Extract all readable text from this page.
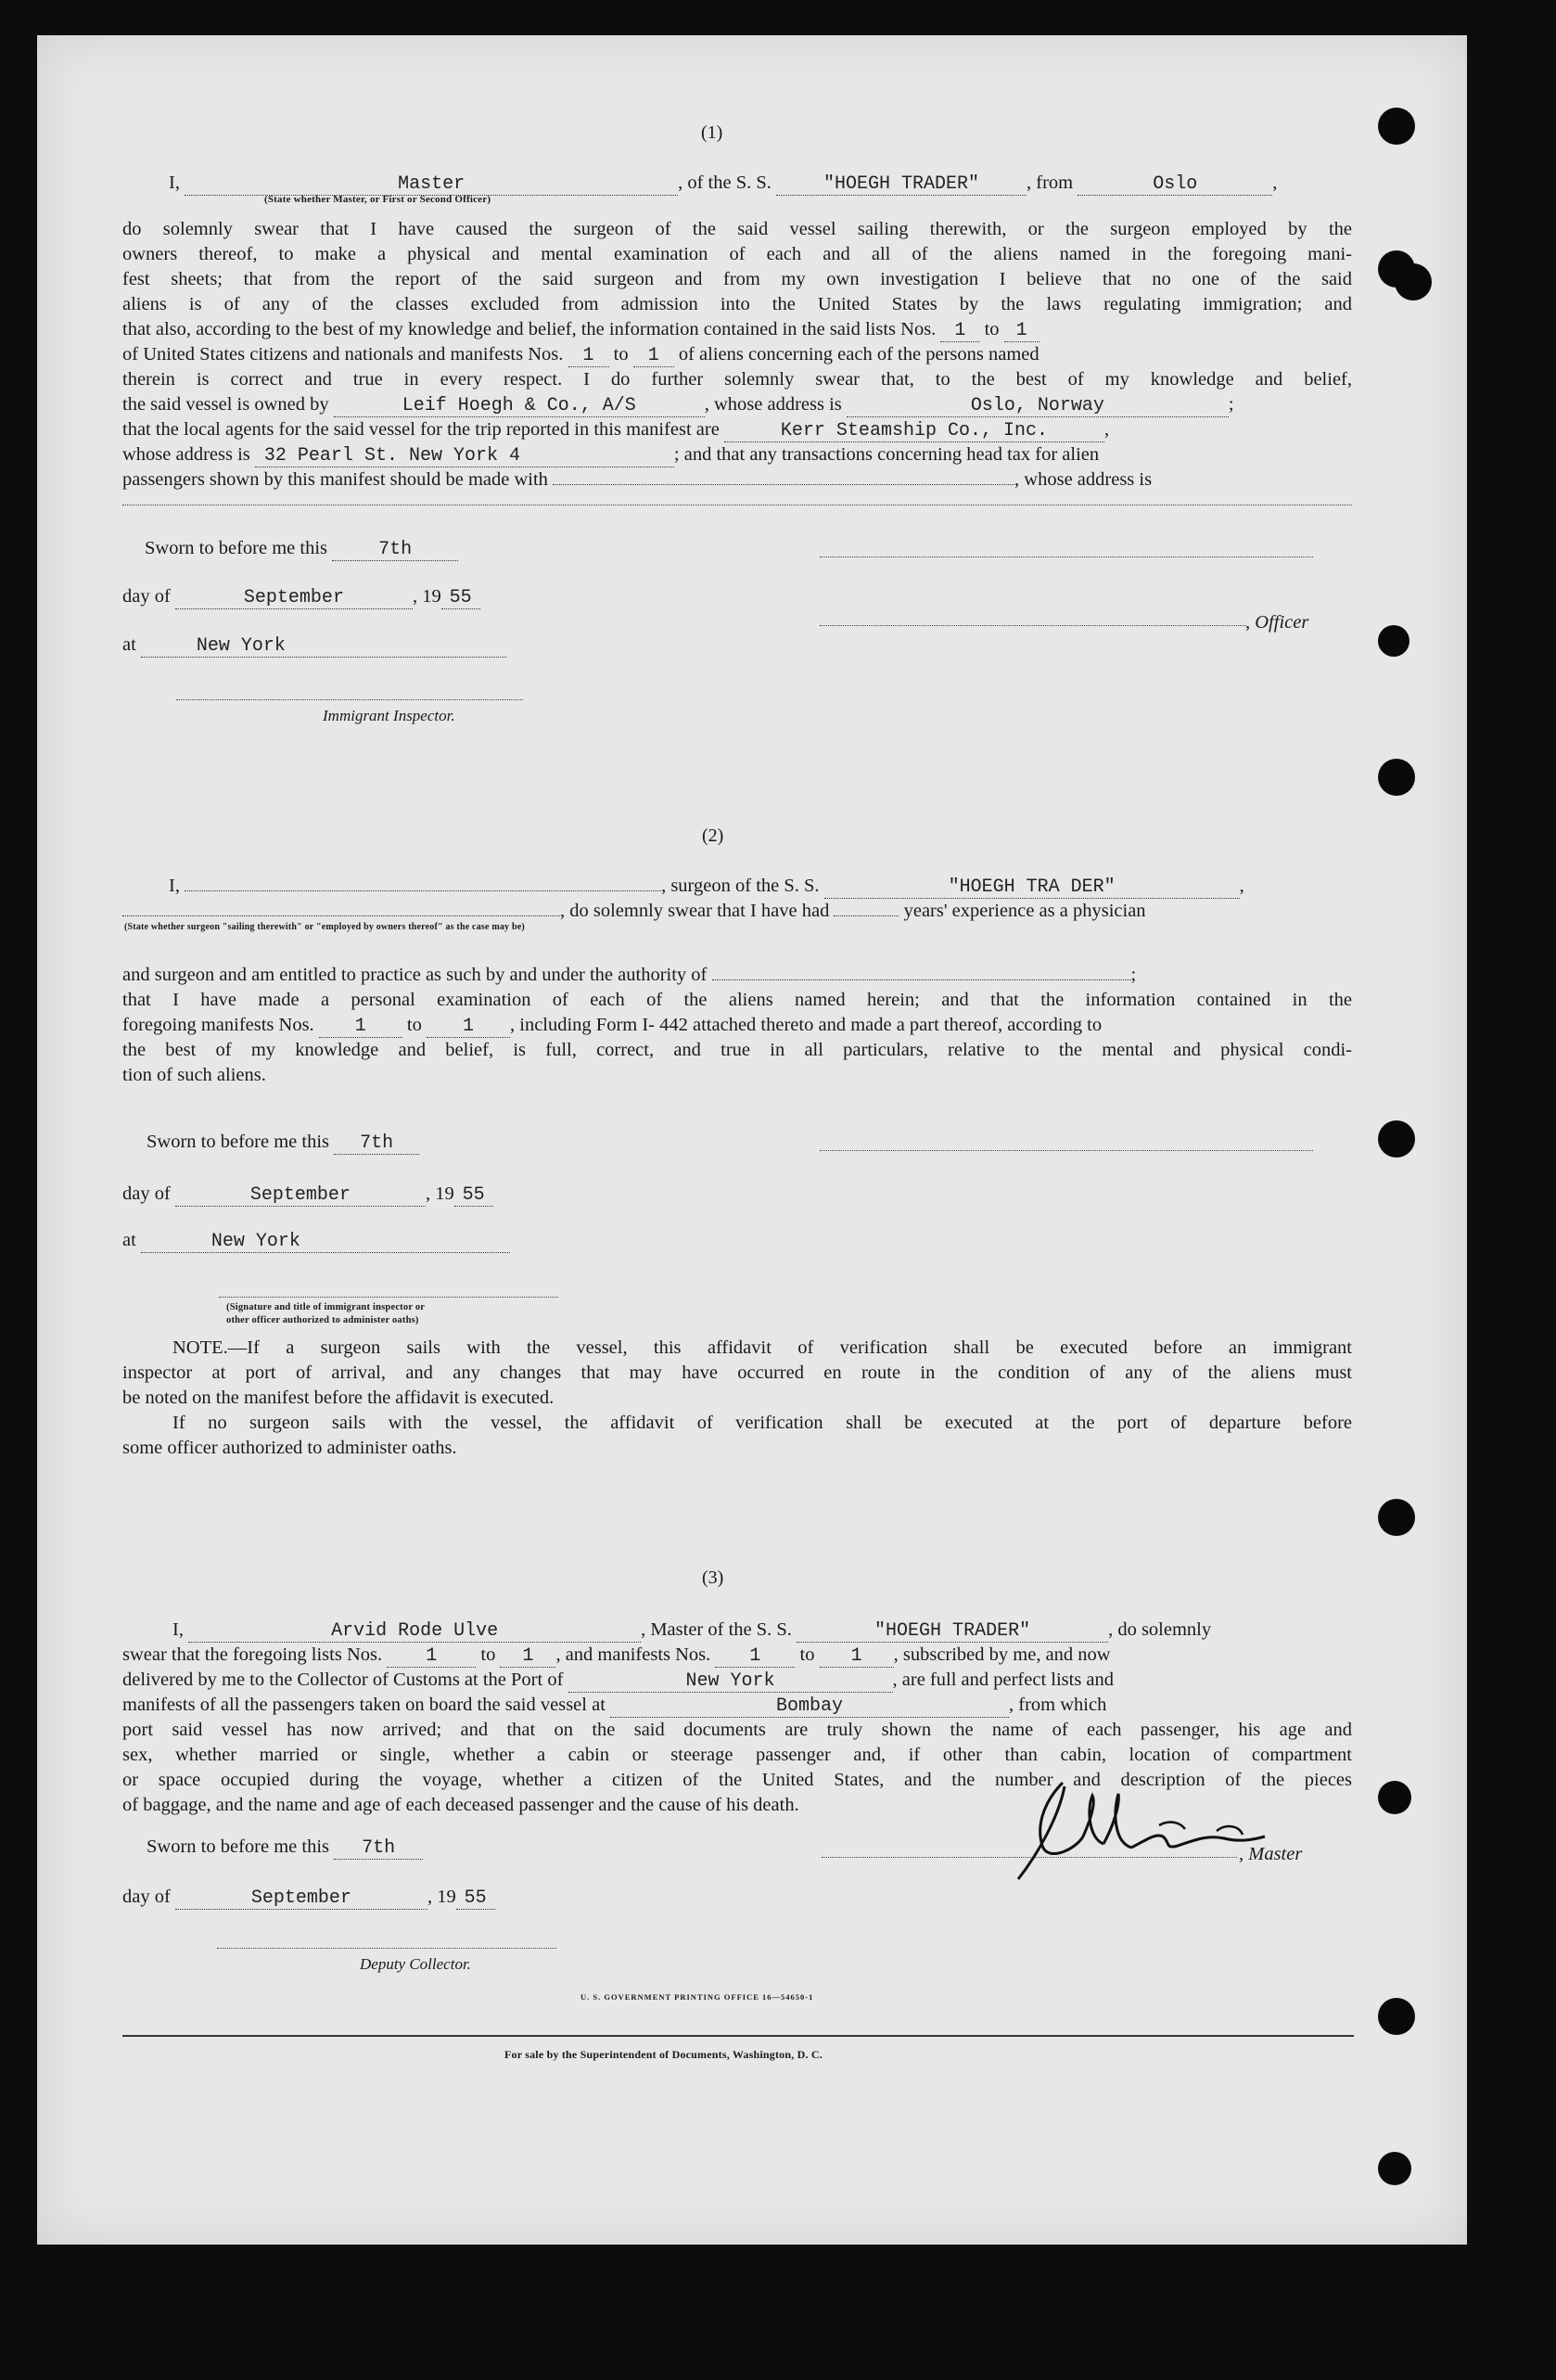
(1)
I,	Master	, of the S. S.	"HOEGH TRADER" , from	Oslo	,
(State whether Master, or First or Second Officer)
do solemnly swear that I have caused the surgeon of the said vessel sailing therewith, or the surgeon employed by the
owners thereof, to make a physical and mental examination of each and all of the aliens named in the foregoing mani-
fest sheets; that from the report of the said surgeon and from my own investigation I believe that no one of the said
aliens is of any of the classes excluded from admission into the United States by the laws regulating immigration; and
that also, according to the best of my knowledge and belief, the information contained in the said lists Nos. 1 to 1
of United States citizens and nationals and manifests Nos. 1 to 1 of aliens concerning each of the persons named
therein is correct and true in every respect. I do further solemnly swear that, to the best of my knowledge and belief,
the said vessel is owned by	Leif Hoegh & Co., A/S	, whose address is	Oslo, Norway	;
that the local agents for the said vessel for the trip reported in this manifest are	Kerr Steamship Co., Inc.	,
whose address is 32 Pearl St. New York 4	; and that any transactions concerning head tax for alien
passengers shown by this manifest should be made with	, whose address is
Sworn to before me this	7th
day of	September	, 19 55
, Officer
at	New York
Immigrant Inspector.
(2)
I,	, surgeon of the S. S.	"HOEGH TRA DER"	,
, do solemnly swear that I have had	years' experience as a physician
(State whether surgeon "sailing therewith" or "employed by owners thereof" as the case may be)
and surgeon and am entitled to practice as such by and under the authority of	;
that I have made a personal examination of each of the aliens named herein; and that the information contained in the
foregoing manifests Nos. 1 to 1 , including Form I- 442 attached thereto and made a part thereof, according to
the best of my knowledge and belief, is full, correct, and true in all particulars, relative to the mental and physical condi-
tion of such aliens.
Sworn to before me this 7th
day of	September	, 19 55
at	New York
(Signature and title of immigrant inspector or
other officer authorized to administer oaths)
NOTE.—If a surgeon sails with the vessel, this affidavit of verification shall be executed before an immigrant
inspector at port of arrival, and any changes that may have occurred en route in the condition of any of the aliens must
be noted on the manifest before the affidavit is executed.
If no surgeon sails with the vessel, the affidavit of verification shall be executed at the port of departure before
some officer authorized to administer oaths.
(3)
I,	Arvid Rode Ulve	, Master of the S. S.	"HOEGH TRADER"	, do solemnly
swear that the foregoing lists Nos. 1 to 1 , and manifests Nos. 1 to 1 , subscribed by me, and now
delivered by me to the Collector of Customs at the Port of	New York	, are full and perfect lists and
manifests of all the passengers taken on board the said vessel at	Bombay	, from which
port said vessel has now arrived; and that on the said documents are truly shown the name of each passenger, his age and
sex, whether married or single, whether a cabin or steerage passenger and, if other than cabin, location of compartment
or space occupied during the voyage, whether a citizen of the United States, and the number and description of the pieces
of baggage, and the name and age of each deceased passenger and the cause of his death.
Sworn to before me this 7th	, Master
day of	September	, 19 55
Deputy Collector.
U. S. GOVERNMENT PRINTING OFFICE 16—54650-1
For sale by the Superintendent of Documents, Washington, D. C.
